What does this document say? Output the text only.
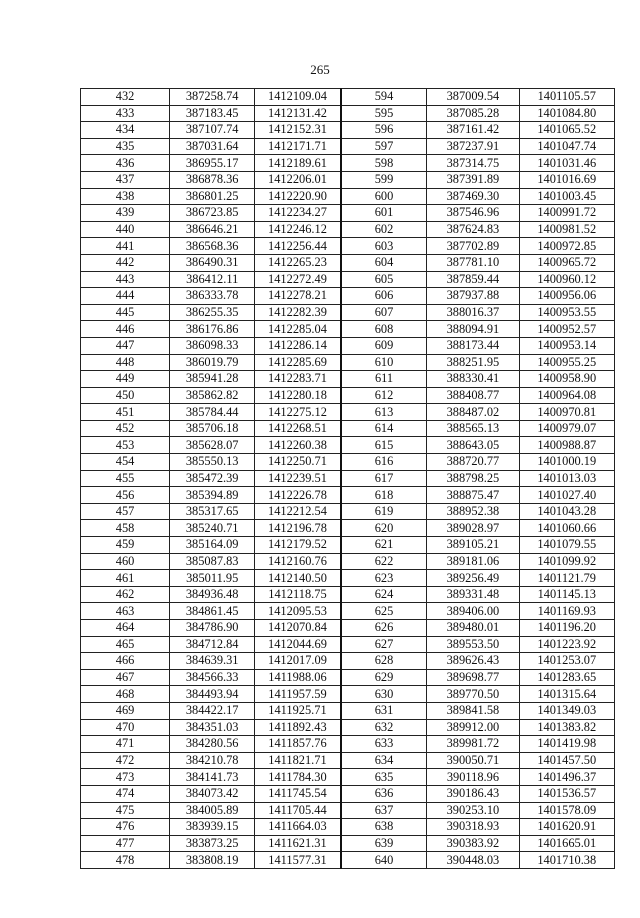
265
432	387258.74	1412109.04	594	387009.54	1401105.57
433	387183.45	1412131.42	595	387085.28	1401084.80
434	387107.74	1412152.31	596	387161.42	1401065.52
435	387031.64	1412171.71	597	387237.91	1401047.74
436	386955.17	1412189.61	598	387314.75	1401031.46
437	386878.36	1412206.01	599	387391.89	1401016.69
438	386801.25	1412220.90	600	387469.30	1401003.45
439	386723.85	1412234.27	601	387546.96	1400991.72
440	386646.21	1412246.12	602	387624.83	1400981.52
441	386568.36	1412256.44	603	387702.89	1400972.85
442	386490.31	1412265.23	604	387781.10	1400965.72
443	386412.11	1412272.49	605	387859.44	1400960.12
444	386333.78	1412278.21	606	387937.88	1400956.06
445	386255.35	1412282.39	607	388016.37	1400953.55
446	386176.86	1412285.04	608	388094.91	1400952.57
447	386098.33	1412286.14	609	388173.44	1400953.14
448	386019.79	1412285.69	610	388251.95	1400955.25
449	385941.28	1412283.71	611	388330.41	1400958.90
450	385862.82	1412280.18	612	388408.77	1400964.08
451	385784.44	1412275.12	613	388487.02	1400970.81
452	385706.18	1412268.51	614	388565.13	1400979.07
453	385628.07	1412260.38	615	388643.05	1400988.87
454	385550.13	1412250.71	616	388720.77	1401000.19
455	385472.39	1412239.51	617	388798.25	1401013.03
456	385394.89	1412226.78	618	388875.47	1401027.40
457	385317.65	1412212.54	619	388952.38	1401043.28
458	385240.71	1412196.78	620	389028.97	1401060.66
459	385164.09	1412179.52	621	389105.21	1401079.55
460	385087.83	1412160.76	622	389181.06	1401099.92
461	385011.95	1412140.50	623	389256.49	1401121.79
462	384936.48	1412118.75	624	389331.48	1401145.13
463	384861.45	1412095.53	625	389406.00	1401169.93
464	384786.90	1412070.84	626	389480.01	1401196.20
465	384712.84	1412044.69	627	389553.50	1401223.92
466	384639.31	1412017.09	628	389626.43	1401253.07
467	384566.33	1411988.06	629	389698.77	1401283.65
468	384493.94	1411957.59	630	389770.50	1401315.64
469	384422.17	1411925.71	631	389841.58	1401349.03
470	384351.03	1411892.43	632	389912.00	1401383.82
471	384280.56	1411857.76	633	389981.72	1401419.98
472	384210.78	1411821.71	634	390050.71	1401457.50
473	384141.73	1411784.30	635	390118.96	1401496.37
474	384073.42	1411745.54	636	390186.43	1401536.57
475	384005.89	1411705.44	637	390253.10	1401578.09
476	383939.15	1411664.03	638	390318.93	1401620.91
477	383873.25	1411621.31	639	390383.92	1401665.01
478	383808.19	1411577.31	640	390448.03	1401710.38
